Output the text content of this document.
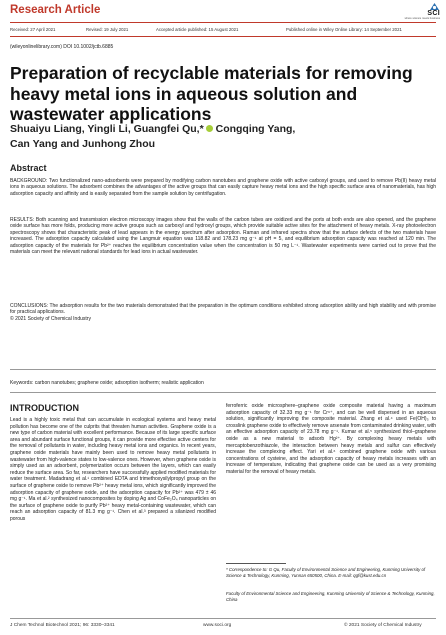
Research Article	SCI
where science meets business
Received: 27 April 2021	Revised: 19 July 2021	Accepted article published: 15 August 2021	Published online in Wiley Online Library: 14 September 2021
(wileyonlinelibrary.com) DOI 10.1002/jctb.6885
Preparation of recyclable materials for removing heavy metal ions in aqueous solution and wastewater applications
Shuaiyu Liang, Yingli Li, Guangfei Qu,* Congqing Yang,
Can Yang and Junhong Zhou
Abstract
BACKGROUND: Two functionalized nano-adsorbents were prepared by modifying carbon nanotubes and graphene oxide with active carboxyl groups, and used to remove Pb(II) heavy metal ions in aqueous solutions. The adsorbent combines the advantages of the active groups that can easily capture heavy metal ions and the high specific surface area of nanomaterials, has high adsorption capacity and affinity and is easily separated from the sample solution by centrifugation.
RESULTS: Both scanning and transmission electron microscopy images show that the walls of the carbon tubes are oxidized and the ports at both ends are also opened, and the graphene oxide surface has more folds, producing more active groups such as carboxyl and hydroxyl groups, which provide suitable active sites for the attachment of heavy metals. X-ray photoelectron spectroscopy shows that characteristic peak of lead appears in the energy spectrum after adsorption. Raman and infrared spectra show that the surface defects of the two materials have increased. The adsorption capacity calculated using the Langmuir equation was 118.82 and 178.23 mg g⁻¹ at pH = 5, and equilibrium adsorption capacity was reached at 120 min. The adsorption capacity of the materials for Pb²⁺ reaches the equilibrium concentration value when the concentration is 50 mg L⁻¹. Wastewater experiments were carried out to prove that the materials can meet the relevant national standards for lead ions in actual wastewater.
CONCLUSIONS: The adsorption results for the two materials demonstrated that the preparation in the optimum conditions exhibited strong adsorption ability and high stability and with promise for practical applications.
© 2021 Society of Chemical Industry
Keywords: carbon nanotubes; graphene oxide; adsorption isotherm; realistic application
INTRODUCTION
Lead is a highly toxic metal that can accumulate in ecological systems and heavy metal pollution has become one of the culprits that threaten human activities. Graphene oxide is a new type of carbon material with excellent performance. Because of its large specific surface area and abundant surface functional groups, it can provide more effective active centers for the removal of pollutants in water, including heavy metal ions and organics. In recent years, graphene oxide materials have mainly been used to remove heavy metal pollutants in wastewater from high-valence states to low-valence ones. However, when graphene oxide is simply used as an adsorbent, polymerization occurs between the layers, which can easily reduce the surface area. So far, researchers have successfully applied modified materials for water treatment. Madadrang et al.¹ combined EDTA and trimethoxysilylpropyl group on the surface of graphene oxide to remove Pb²⁺ heavy metal ions, which significantly improved the adsorption capacity of graphene oxide, and the adsorption capacity for Pb²⁺ was 479 ± 46 mg g⁻¹. Ma et al.² synthesized nanocomposites by doping Ag and CoFe₂O₄ nanoparticles on the surface of graphene oxide to purify Pb²⁺ heavy metal-containing wastewater, which can reach an adsorption capacity of 81.3 mg g⁻¹. Chen et al.³ prepared a silanized modified porous
ferroferric oxide microsphere–graphene oxide composite material having a maximum adsorption capacity of 32.33 mg g⁻¹ for Cr⁶⁺, and can be well dispersed in an aqueous solution, significantly improving the composite material. Zhang et al.⁴ used Fe(OH)₃ to crosslink graphene oxide to effectively remove arsenate from contaminated drinking water, with an effective adsorption capacity of 23.78 mg g⁻¹. Kumar et al.⁵ synthesized thiol–graphene oxide as a new material to adsorb Hg²⁺. By complexing heavy metals with mercaptobenzothiazole, the interaction between heavy metals and sulfur can effectively increase the complexing effect. Yari et al.⁶ combined graphene oxide with various concentrations of cysteine, and the adsorption capacity of heavy metals increases with an increase of temperature, indicating that graphene oxide can be used as a very promising material for the removal of heavy metals.
* Correspondence to: G Qu, Faculty of Environmental Science and Engineering, Kunming University of Science & Technology, Kunming, Yunnan 650500, China. E-mail: qgf@kust.edu.cn
Faculty of Environmental Science and Engineering, Kunming University of Science & Technology, Kunming, China
J Chem Technol Biotechnol 2021; 96: 3330–3341	www.soci.org	© 2021 Society of Chemical Industry
